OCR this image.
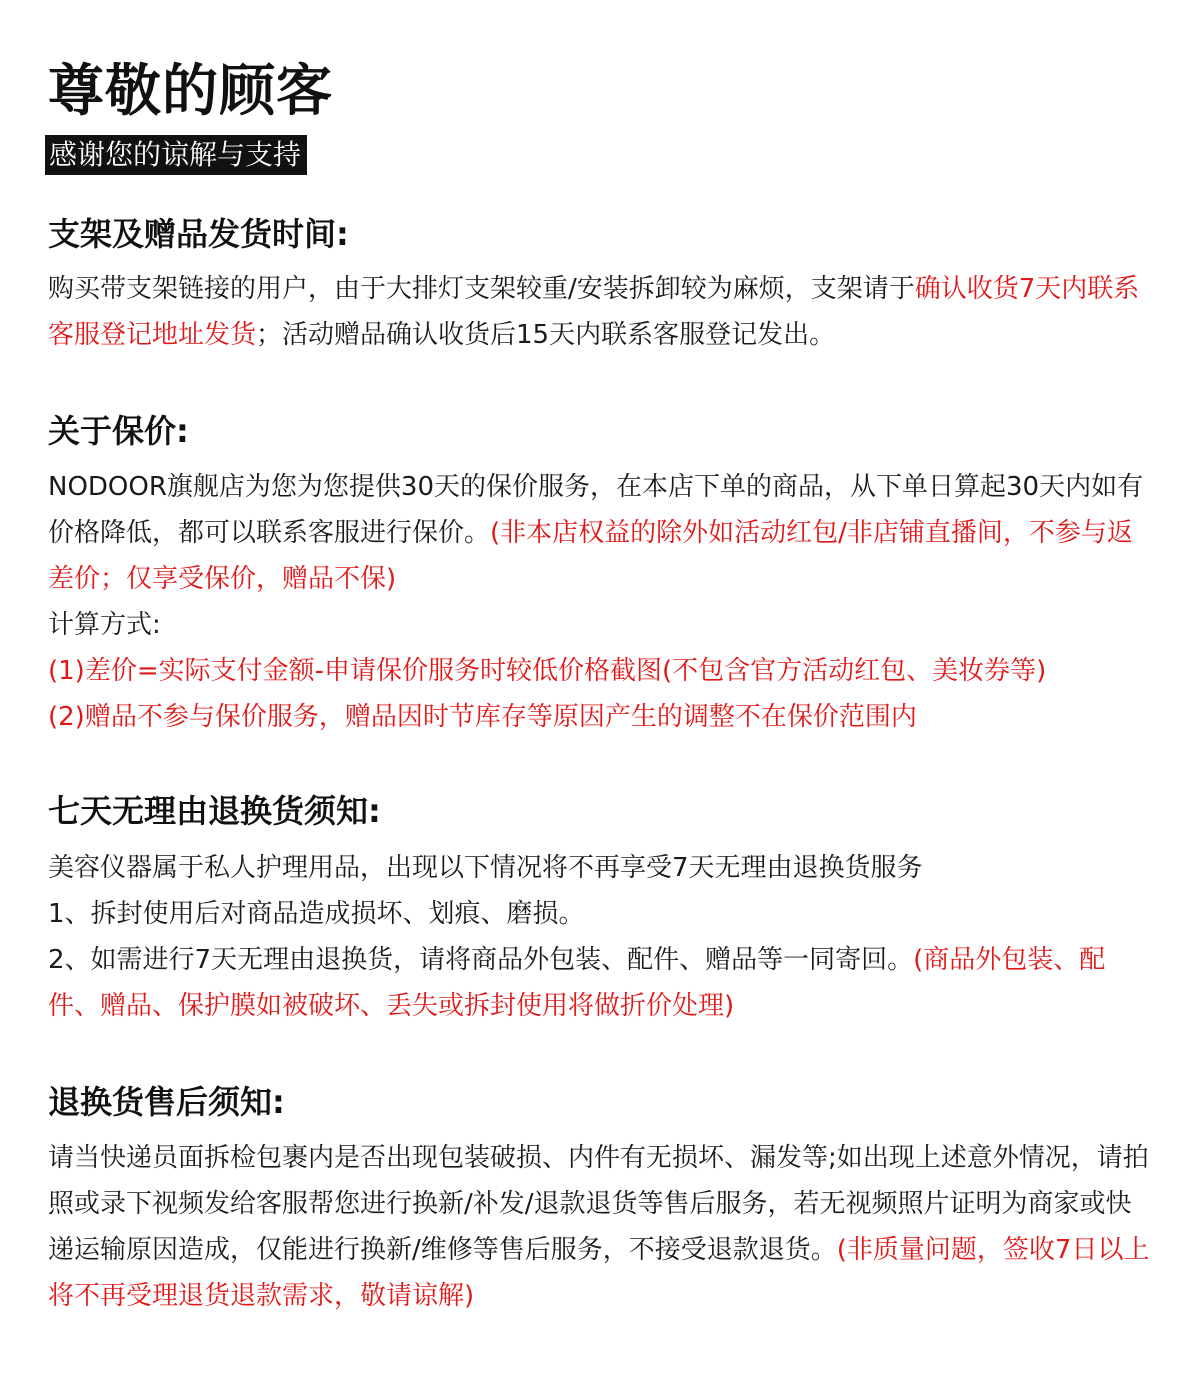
尊敬的顾客
感谢您的谅解与支持
支架及赠品发货时间:

购买带支架链接的用户，由于大排灯支架较重/安装拆卸较为麻烦，支架请于确认收货7天内联系客服登记地址发货；活动赠品确认收货后15天内联系客服登记发出。

关于保价:

NODOOR旗舰店为您为您提供30天的保价服务，在本店下单的商品，从下单日算起30天内如有价格降低，都可以联系客服进行保价。(非本店权益的除外如活动红包/非店铺直播间，不参与返差价；仅享受保价，赠品不保)

计算方式:

(1)差价=实际支付金额-申请保价服务时较低价格截图(不包含官方活动红包、美妆券等)

(2)赠品不参与保价服务，赠品因时节库存等原因产生的调整不在保价范围内

七天无理由退换货须知:

美容仪器属于私人护理用品，出现以下情况将不再享受7天无理由退换货服务

1、拆封使用后对商品造成损坏、划痕、磨损。

2、如需进行7天无理由退换货，请将商品外包装、配件、赠品等一同寄回。(商品外包装、配件、赠品、保护膜如被破坏、丢失或拆封使用将做折价处理)

退换货售后须知:

请当快递员面拆检包裹内是否出现包装破损、内件有无损坏、漏发等;如出现上述意外情况，请拍照或录下视频发给客服帮您进行换新/补发/退款退货等售后服务，若无视频照片证明为商家或快递运输原因造成，仅能进行换新/维修等售后服务，不接受退款退货。(非质量问题，签收7日以上将不再受理退货退款需求，敬请谅解)
